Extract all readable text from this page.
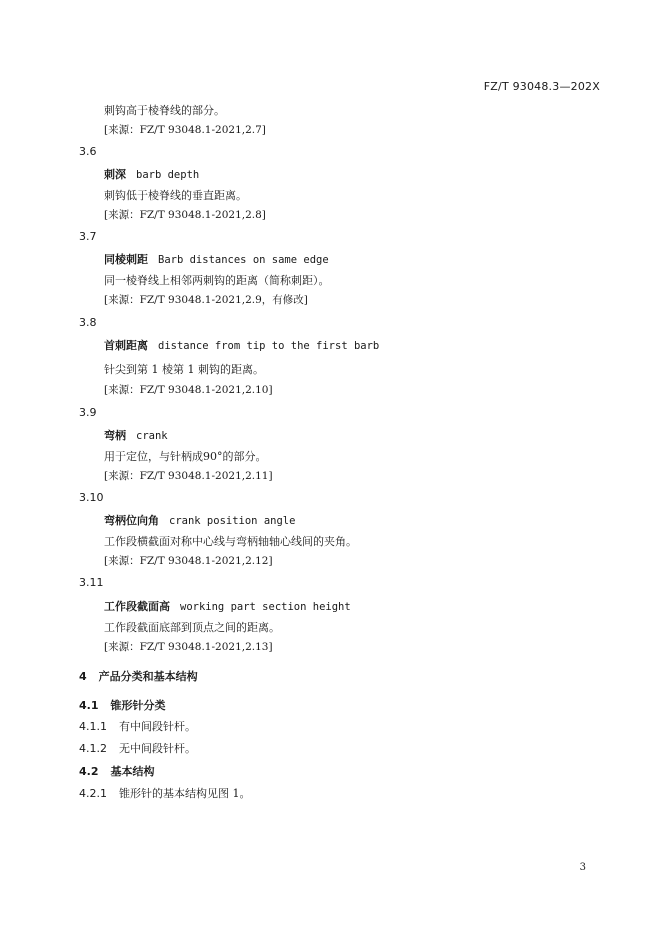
FZ/T 93048.3—202X
刺钩高于棱脊线的部分。
[来源：FZ/T 93048.1-2021,2.7]
3.6
刺深 barb depth
刺钩低于棱脊线的垂直距离。
[来源：FZ/T 93048.1-2021,2.8]
3.7
同棱刺距 Barb distances on same edge
同一棱脊线上相邻两刺钩的距离（简称刺距）。
[来源：FZ/T 93048.1-2021,2.9，有修改]
3.8
首刺距离 distance from tip to the first barb
针尖到第 1 棱第 1 刺钩的距离。
[来源：FZ/T 93048.1-2021,2.10]
3.9
弯柄 crank
用于定位，与针柄成90°的部分。
[来源：FZ/T 93048.1-2021,2.11]
3.10
弯柄位向角 crank position angle
工作段横截面对称中心线与弯柄轴轴心线间的夹角。
[来源：FZ/T 93048.1-2021,2.12]
3.11
工作段截面高 working part section height
工作段截面底部到顶点之间的距离。
[来源：FZ/T 93048.1-2021,2.13]
4 产品分类和基本结构
4.1 锥形针分类
4.1.1 有中间段针杆。
4.1.2 无中间段针杆。
4.2 基本结构
4.2.1 锥形针的基本结构见图 1。
3
